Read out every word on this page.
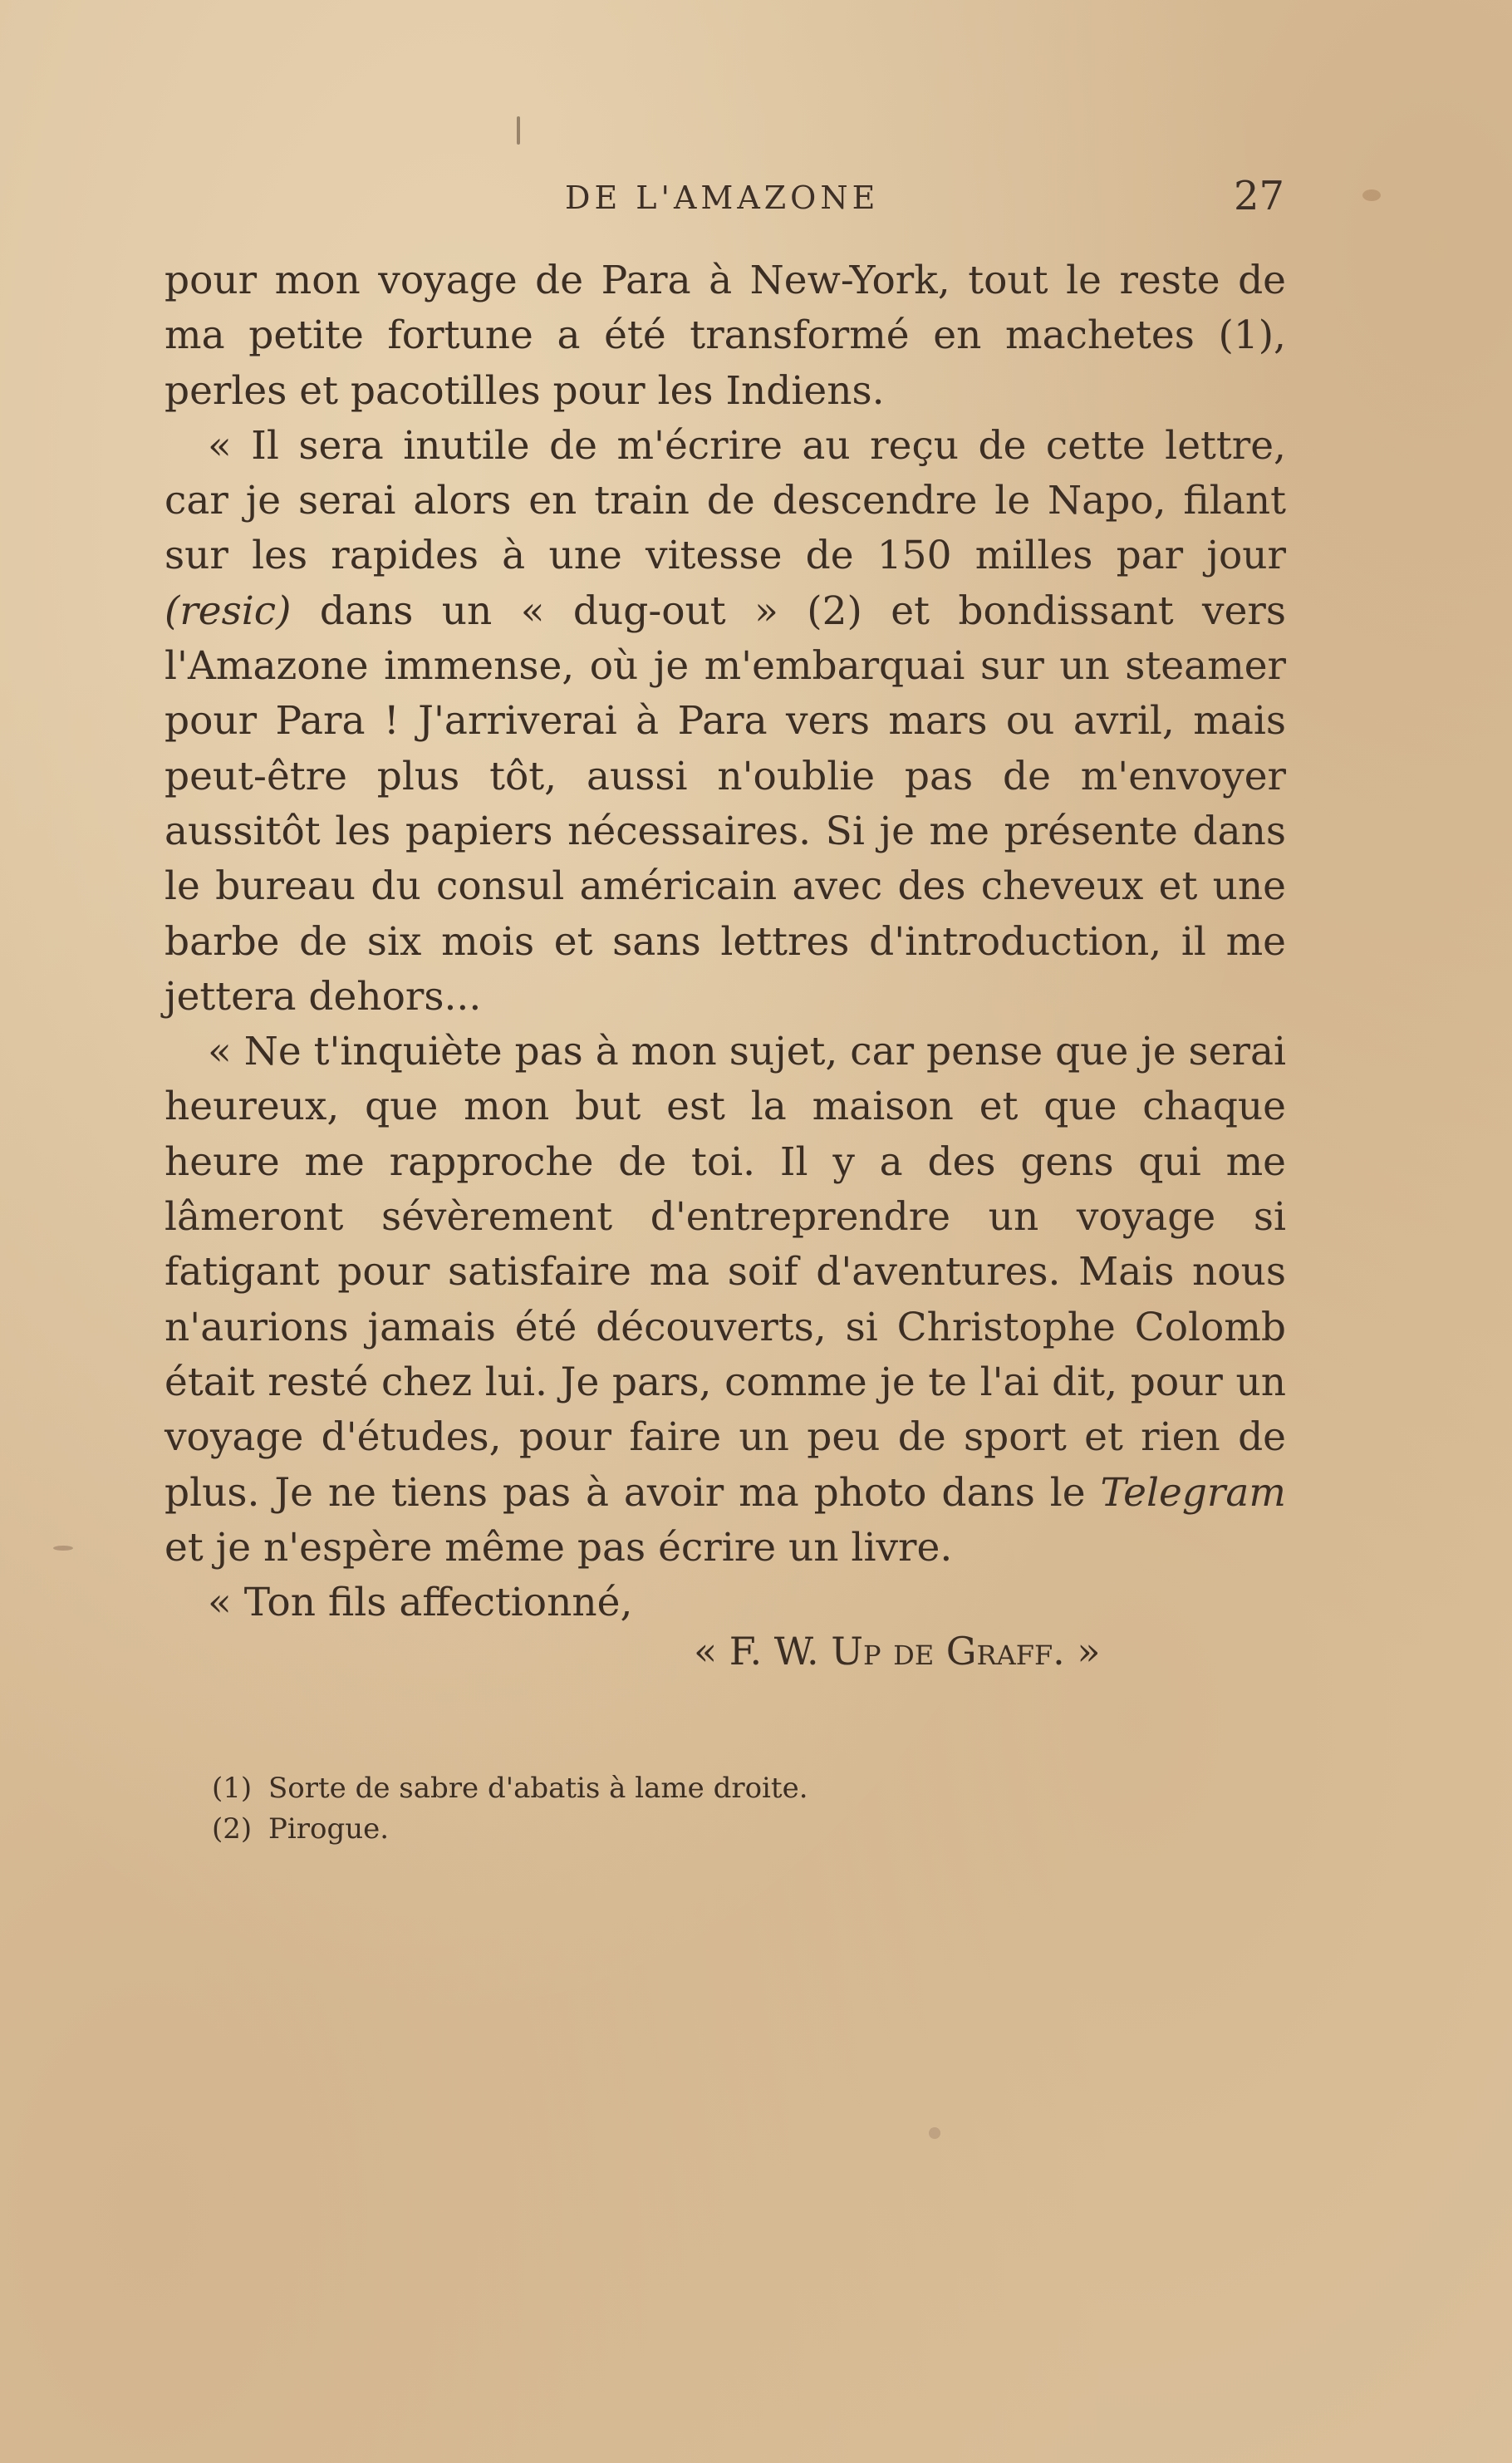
DE L'AMAZONE	27

pour mon voyage de Para à New-York, tout le reste de ma petite fortune a été transformé en machetes (1), perles et pacotilles pour les Indiens.

« Il sera inutile de m'écrire au reçu de cette lettre, car je serai alors en train de descendre le Napo, filant sur les rapides à une vitesse de 150 milles par jour (resic) dans un « dug-out » (2) et bondissant vers l'Amazone immense, où je m'embarquai sur un steamer pour Para ! J'arriverai à Para vers mars ou avril, mais peut-être plus tôt, aussi n'oublie pas de m'envoyer aussitôt les papiers nécessaires. Si je me présente dans le bureau du consul américain avec des cheveux et une barbe de six mois et sans lettres d'introduction, il me jettera dehors...

« Ne t'inquiète pas à mon sujet, car pense que je serai heureux, que mon but est la maison et que chaque heure me rapproche de toi. Il y a des gens qui me lâmeront sévèrement d'entreprendre un voyage si fatigant pour satisfaire ma soif d'aventures. Mais nous n'aurions jamais été découverts, si Christophe Colomb était resté chez lui. Je pars, comme je te l'ai dit, pour un voyage d'études, pour faire un peu de sport et rien de plus. Je ne tiens pas à avoir ma photo dans le Telegram et je n'espère même pas écrire un livre.

« Ton fils affectionné,

« F. W. Up de Graff. »
(1) Sorte de sabre d'abatis à lame droite.
(2) Pirogue.
